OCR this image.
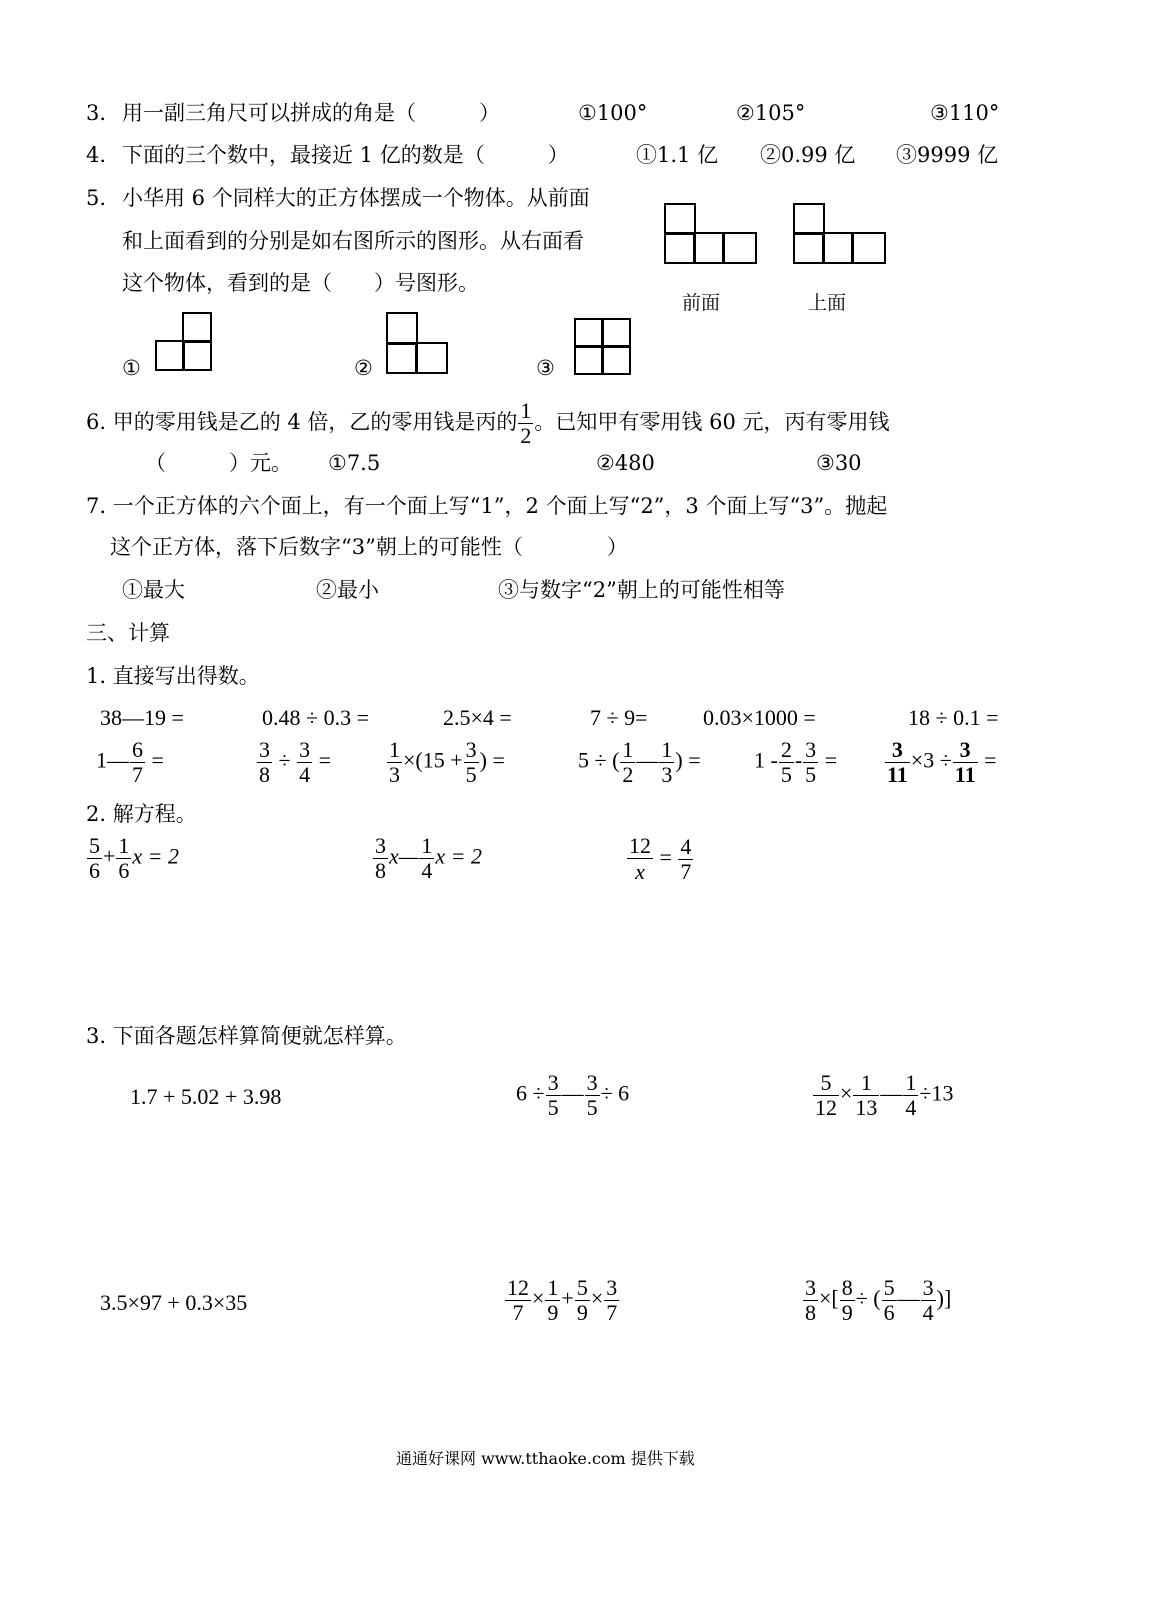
3. 用一副三角尺可以拼成的角是（　　　）	①100°	②105°	③110°
4. 下面的三个数中，最接近 1 亿的数是（　　　）	①1.1 亿 ②0.99 亿 ③9999 亿
5. 小华用 6 个同样大的正方体摆成一个物体。从前面
和上面看到的分别是如右图所示的图形。从右面看
这个物体，看到的是（　　）号图形。
前面	上面
①	②	③
6. 甲的零用钱是乙的 4 倍，乙的零用钱是丙的 $\frac{1}{2}$ 。已知甲有零用钱 60 元，丙有零用钱
（　　　）元。 ①7.5	②480	③30
7. 一个正方体的六个面上，有一个面上写“1”，2 个面上写“2”，3 个面上写“3”。抛起
这个正方体，落下后数字“3”朝上的可能性（　　　　）
①最大	②最小	③与数字“2”朝上的可能性相等
三、计算
1. 直接写出得数。
38—19 =	0.48 ÷ 0.3 =	2.5×4 =	7 ÷ 9=	0.03×1000 =	18 ÷ 0.1 =
1— $\frac{6}{7}$ =	$\frac{3}{8} \div \frac{3}{4}$ =	$\frac{1}{3} \times(15 + \frac{3}{5}$ ) =	5 ÷ ( $\frac{1}{2}$ — $\frac{1}{3}$ ) = $1 - \frac{2}{5} - \frac{3}{5} = \frac{3}{11} \times 3 \div \frac{3}{11}$ =
2. 解方程。
$\frac{5}{6} + \frac{1}{6}$ x = 2	$\frac{3}{8}$ x— $\frac{1}{4}$ x = 2	$\frac{12}{x} = \frac{4}{7}$
3. 下面各题怎样算简便就怎样算。
1.7 + 5.02 + 3.98	$6 \div \frac{3}{5}$ — $\frac{3}{5} \div 6$	$\frac{5}{12} \times \frac{1}{13}$ — $\frac{1}{4} \div 13$
3.5×97 + 0.3×35	$\frac{12}{7} \times \frac{1}{9} + \frac{5}{9} \times \frac{3}{7}$	$\frac{3}{8}$ ×[ $\frac{8}{9}$ ÷ ( $\frac{5}{6}$ — $\frac{3}{4}$ )]
通通好课网 www.tthaoke.com 提供下载
